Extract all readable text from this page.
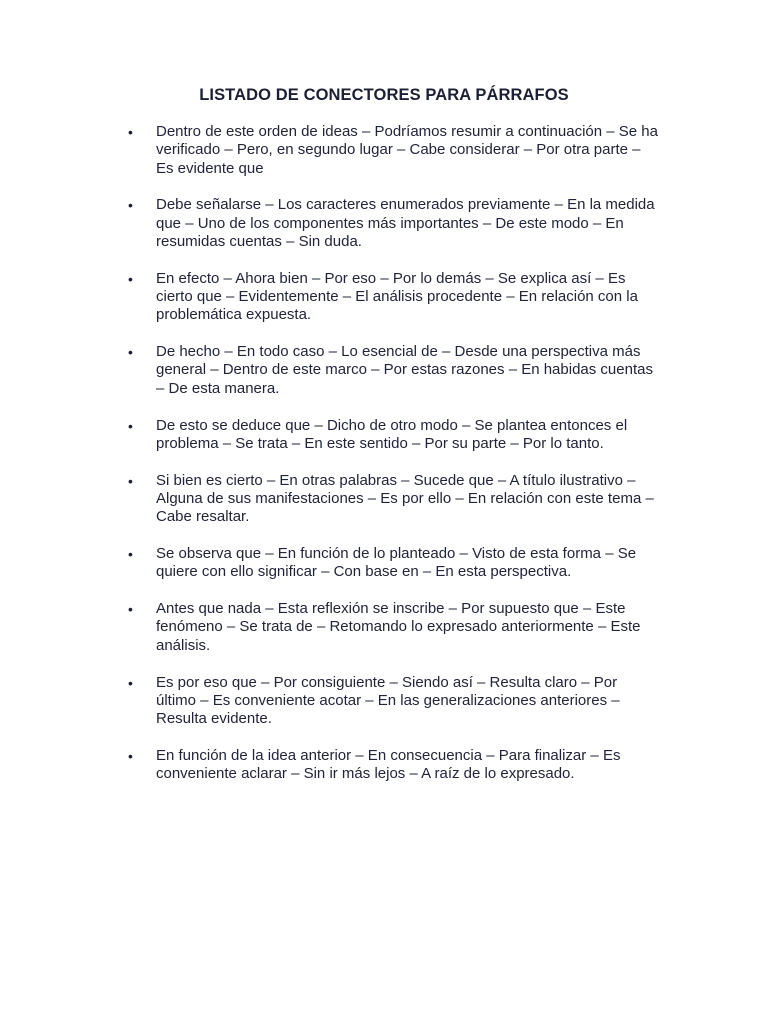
LISTADO DE CONECTORES PARA PÁRRAFOS
• Dentro de este orden de ideas – Podríamos resumir a continuación – Se ha verificado – Pero, en segundo lugar – Cabe considerar – Por otra parte – Es evidente que
• Debe señalarse – Los caracteres enumerados previamente – En la medida que – Uno de los componentes más importantes – De este modo – En resumidas cuentas – Sin duda.
• En efecto – Ahora bien – Por eso – Por lo demás – Se explica así – Es cierto que – Evidentemente – El análisis procedente – En relación con la problemática expuesta.
• De hecho – En todo caso – Lo esencial de – Desde una perspectiva más general – Dentro de este marco – Por estas razones – En habidas cuentas – De esta manera.
• De esto se deduce que – Dicho de otro modo – Se plantea entonces el problema – Se trata – En este sentido – Por su parte – Por lo tanto.
• Si bien es cierto – En otras palabras – Sucede que – A título ilustrativo – Alguna de sus manifestaciones – Es por ello – En relación con este tema – Cabe resaltar.
• Se observa que – En función de lo planteado – Visto de esta forma – Se quiere con ello significar – Con base en – En esta perspectiva.
• Antes que nada – Esta reflexión se inscribe – Por supuesto que – Este fenómeno – Se trata de – Retomando lo expresado anteriormente – Este análisis.
• Es por eso que – Por consiguiente – Siendo así – Resulta claro – Por último – Es conveniente acotar – En las generalizaciones anteriores – Resulta evidente.
• En función de la idea anterior – En consecuencia – Para finalizar – Es conveniente aclarar – Sin ir más lejos – A raíz de lo expresado.
